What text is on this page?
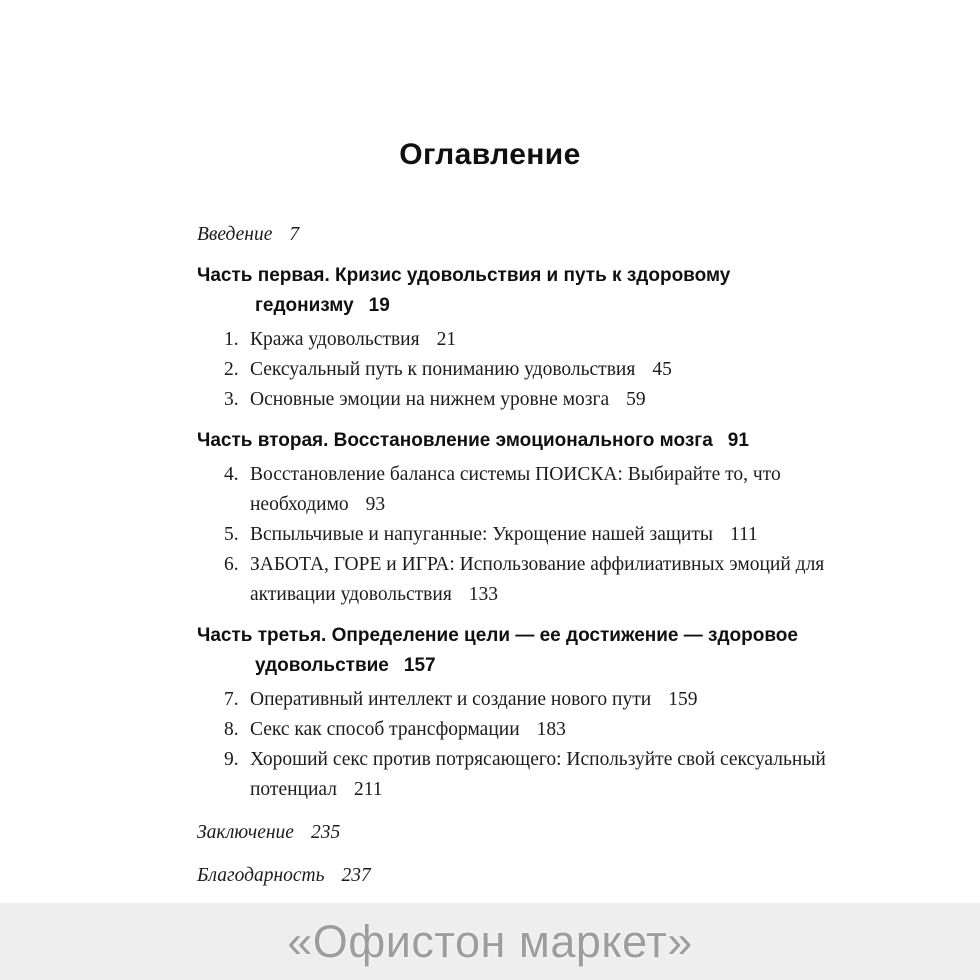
Оглавление

Введение 7

Часть первая. Кризис удовольствия и путь к здоровому гедонизму 19

1. Кража удовольствия 21
2. Сексуальный путь к пониманию удовольствия 45
3. Основные эмоции на нижнем уровне мозга 59

Часть вторая. Восстановление эмоционального мозга 91

4. Восстановление баланса системы ПОИСКА: Выбирайте то, что необходимо 93
5. Вспыльчивые и напуганные: Укрощение нашей защиты 111
6. ЗАБОТА, ГОРЕ и ИГРА: Использование аффилиативных эмоций для активации удовольствия 133

Часть третья. Определение цели — ее достижение — здоровое удовольствие 157

7. Оперативный интеллект и создание нового пути 159
8. Секс как способ трансформации 183
9. Хороший секс против потрясающего: Используйте свой сексуальный потенциал 211

Заключение 235

Благодарность 237

«Офистон маркет»
